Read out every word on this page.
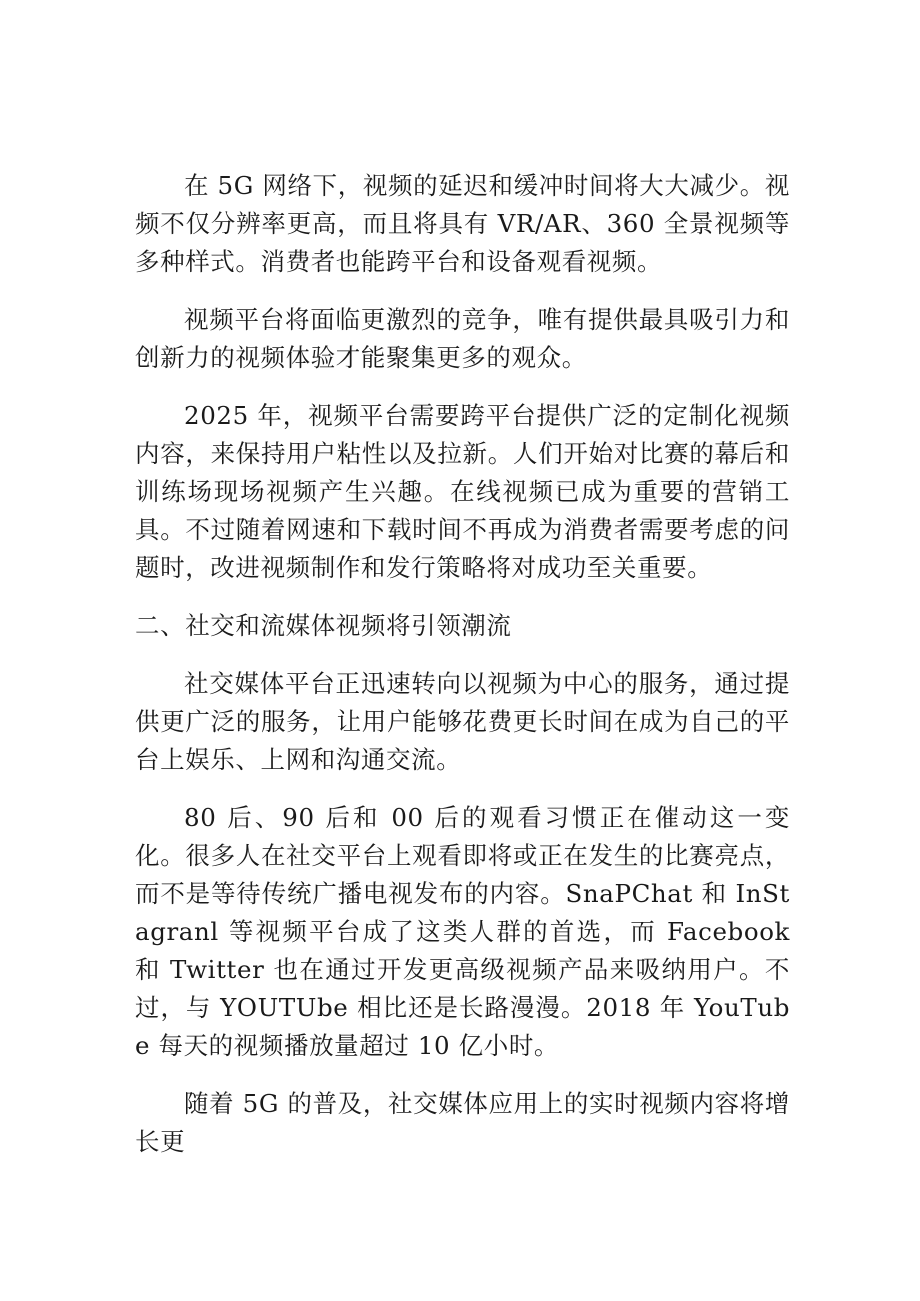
在 5G 网络下，视频的延迟和缓冲时间将大大减少。视频不仅分辨率更高，而且将具有 VR/AR、360 全景视频等多种样式。消费者也能跨平台和设备观看视频。

视频平台将面临更激烈的竞争，唯有提供最具吸引力和创新力的视频体验才能聚集更多的观众。

2025 年，视频平台需要跨平台提供广泛的定制化视频内容，来保持用户粘性以及拉新。人们开始对比赛的幕后和训练场现场视频产生兴趣。在线视频已成为重要的营销工具。不过随着网速和下载时间不再成为消费者需要考虑的问题时，改进视频制作和发行策略将对成功至关重要。

二、社交和流媒体视频将引领潮流

社交媒体平台正迅速转向以视频为中心的服务，通过提供更广泛的服务，让用户能够花费更长时间在成为自己的平台上娱乐、上网和沟通交流。

80 后、90 后和 00 后的观看习惯正在催动这一变化。很多人在社交平台上观看即将或正在发生的比赛亮点，而不是等待传统广播电视发布的内容。SnaPChat 和 InStagranl 等视频平台成了这类人群的首选，而 Facebook 和 Twitter 也在通过开发更高级视频产品来吸纳用户。不过，与 YOUTUbe 相比还是长路漫漫。2018 年 YouTube 每天的视频播放量超过 10 亿小时。

随着 5G 的普及，社交媒体应用上的实时视频内容将增长更
